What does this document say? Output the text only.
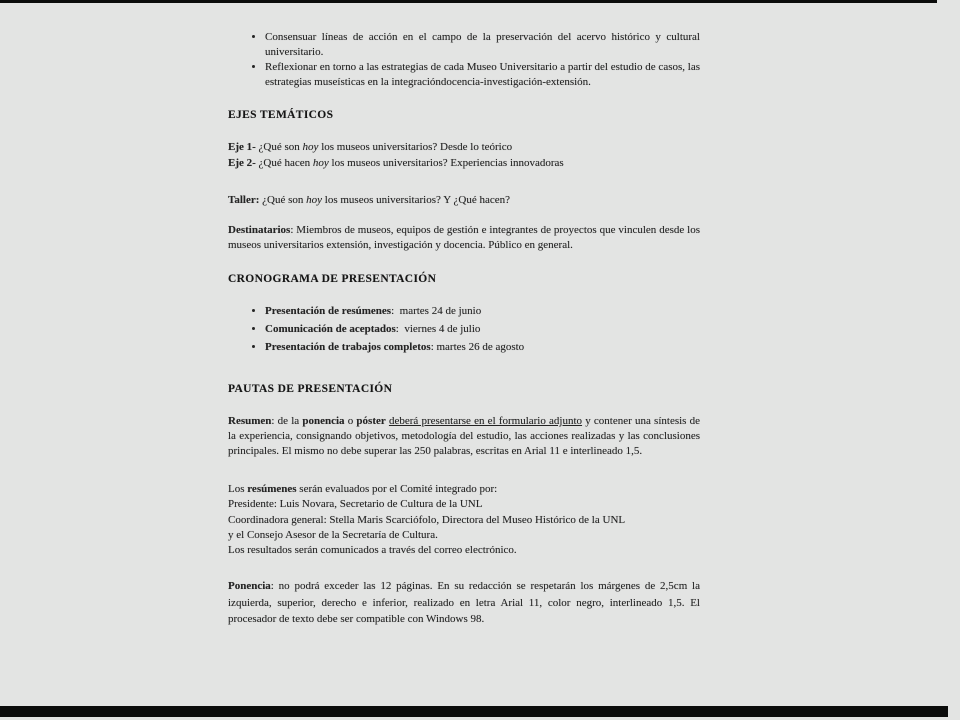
• Consensuar líneas de acción en el campo de la preservación del acervo histórico y cultural universitario.
• Reflexionar en torno a las estrategias de cada Museo Universitario a partir del estudio de casos, las estrategias museísticas en la integracióndocencia-investigación-extensión.
EJES TEMÁTICOS

Eje 1- ¿Qué son hoy los museos universitarios? Desde lo teórico

Eje 2- ¿Qué hacen hoy los museos universitarios? Experiencias innovadoras

Taller: ¿Qué son hoy los museos universitarios? Y ¿Qué hacen?

Destinatarios: Miembros de museos, equipos de gestión e integrantes de proyectos que vinculen desde los museos universitarios extensión, investigación y docencia. Público en general.

CRONOGRAMA DE PRESENTACIÓN
• Presentación de resúmenes:  martes 24 de junio
• Comunicación de aceptados:  viernes 4 de julio
• Presentación de trabajos completos: martes 26 de agosto
PAUTAS DE PRESENTACIÓN

Resumen: de la ponencia o póster deberá presentarse en el formulario adjunto y contener una síntesis de la experiencia, consignando objetivos, metodología del estudio, las acciones realizadas y las conclusiones principales. El mismo no debe superar las 250 palabras, escritas en Arial 11 e interlineado 1,5.

Los resúmenes serán evaluados por el Comité integrado por:

Presidente: Luis Novara, Secretario de Cultura de la UNL

Coordinadora general: Stella Maris Scarciófolo, Directora del Museo Histórico de la UNL

y el Consejo Asesor de la Secretaría de Cultura.

Los resultados serán comunicados a través del correo electrónico.

Ponencia: no podrá exceder las 12 páginas. En su redacción se respetarán los márgenes de 2,5cm la izquierda, superior, derecho e inferior, realizado en letra Arial 11, color negro, interlineado 1,5. El procesador de texto debe ser compatible con Windows 98.
